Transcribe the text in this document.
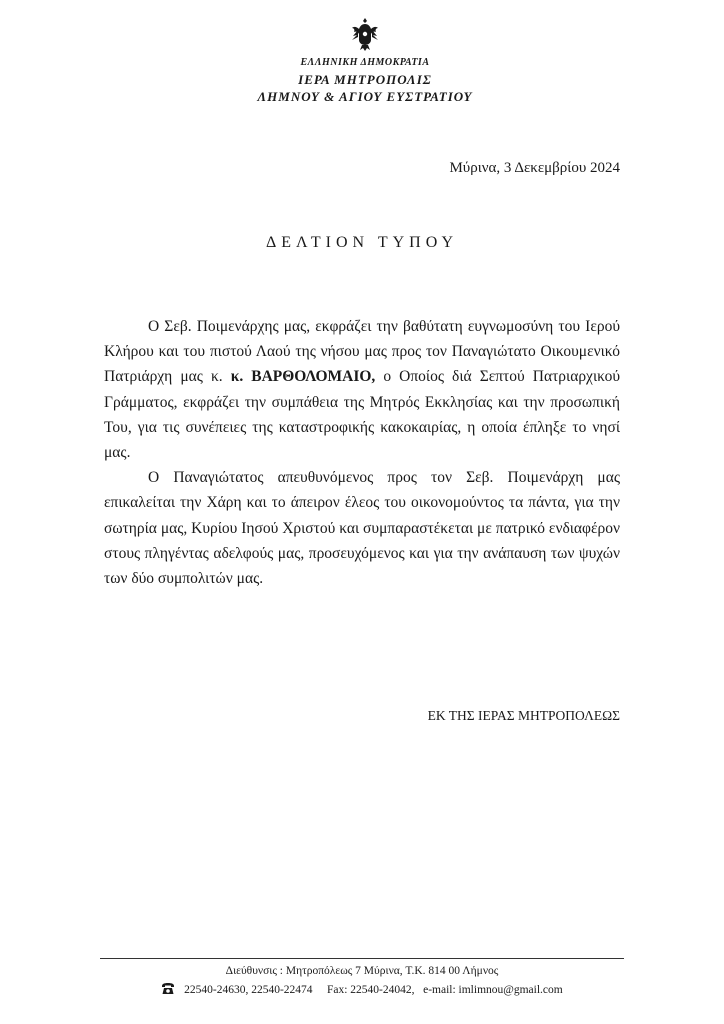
ΕΛΛΗΝΙΚΗ ΔΗΜΟΚΡΑΤΙΑ
ΙΕΡΑ ΜΗΤΡΟΠΟΛΙΣ
ΛΗΜΝΟΥ & ΑΓΙΟΥ ΕΥΣΤΡΑΤΙΟΥ
Μύρινα, 3 Δεκεμβρίου 2024
ΔΕΛΤΙΟΝ ΤΥΠΟΥ

Ο Σεβ. Ποιμενάρχης μας, εκφράζει την βαθύτατη ευγνωμοσύνη του Ιερού Κλήρου και του πιστού Λαού της νήσου μας προς τον Παναγιώτατο Οικουμενικό Πατριάρχη μας κ. κ. ΒΑΡΘΟΛΟΜΑΙΟ, ο Οποίος διά Σεπτού Πατριαρχικού Γράμματος, εκφράζει την συμπάθεια της Μητρός Εκκλησίας και την προσωπική Του, για τις συνέπειες της καταστροφικής κακοκαιρίας, η οποία έπληξε το νησί μας.

Ο Παναγιώτατος απευθυνόμενος προς τον Σεβ. Ποιμενάρχη μας επικαλείται την Χάρη και το άπειρον έλεος του οικονομούντος τα πάντα, για την σωτηρία μας, Κυρίου Ιησού Χριστού και συμπαραστέκεται με πατρικό ενδιαφέρον στους πληγέντας αδελφούς μας, προσευχόμενος και για την ανάπαυση των ψυχών των δύο συμπολιτών μας.

ΕΚ ΤΗΣ ΙΕΡΑΣ ΜΗΤΡΟΠΟΛΕΩΣ
Διεύθυνσις : Μητροπόλεως 7 Μύρινα, Τ.Κ. 814 00 Λήμνος
22540-24630, 22540-22474 Fax: 22540-24042, e-mail: imlimnou@gmail.com
